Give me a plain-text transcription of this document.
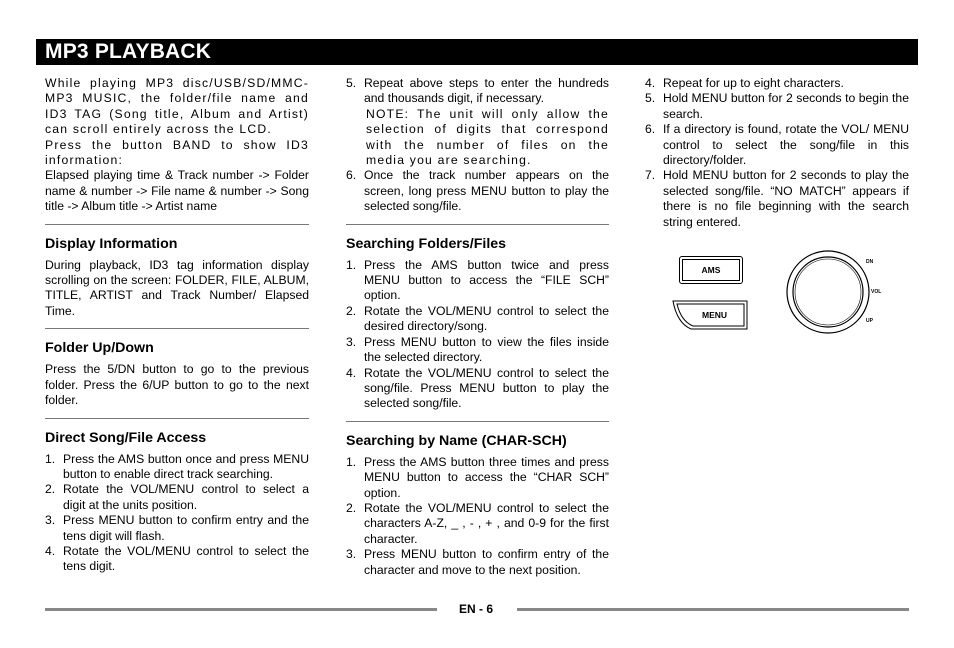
MP3 PLAYBACK

While playing MP3 disc/USB/SD/MMC-MP3 MUSIC, the folder/file name and ID3 TAG (Song title, Album and Artist) can scroll entirely across the LCD.

Press the button BAND to show ID3 information:

Elapsed playing time & Track number -> Folder name & number -> File name & number -> Song title -> Album title -> Artist name

Display Information

During playback, ID3 tag information display scrolling on the screen: FOLDER, FILE, ALBUM, TITLE, ARTIST and Track Number/ Elapsed Time.

Folder Up/Down

Press the 5/DN button to go to the previous folder. Press the 6/UP button to go to the next folder.

Direct Song/File Access
1. Press the AMS button once and press MENU button to enable direct track searching.
2. Rotate the VOL/MENU control to select a digit at the units position.
3. Press MENU button to confirm entry and the tens digit will flash.
4. Rotate the VOL/MENU control to select the tens digit.
5. Repeat above steps to enter the hundreds and thousands digit, if necessary.

NOTE: The unit will only allow the selection of digits that correspond with the number of files on the media you are searching.

6. Once the track number appears on the screen, long press MENU button to play the selected song/file.
Searching Folders/Files
1. Press the AMS button twice and press MENU button to access the “FILE SCH” option.
2. Rotate the VOL/MENU control to select the desired directory/song.
3. Press MENU button to view the files inside the selected directory.
4. Rotate the VOL/MENU control to select the song/file. Press MENU button to play the selected song/file.
Searching by Name (CHAR-SCH)
1. Press the AMS button three times and press MENU button to access the “CHAR SCH” option.
2. Rotate the VOL/MENU control to select the characters A-Z, _ , - , + , and 0-9 for the first character.
3. Press MENU button to confirm entry of the character and move to the next position.
4. Repeat for up to eight characters.
5. Hold MENU button for 2 seconds to begin the search.
6. If a directory is found, rotate the VOL/ MENU control to select the song/file in this directory/folder.
7. Hold MENU button for 2 seconds to play the selected song/file. “NO MATCH” appears if there is no file beginning with the search string entered.
AMS
MENU
DN
VOL
UP
EN - 6
